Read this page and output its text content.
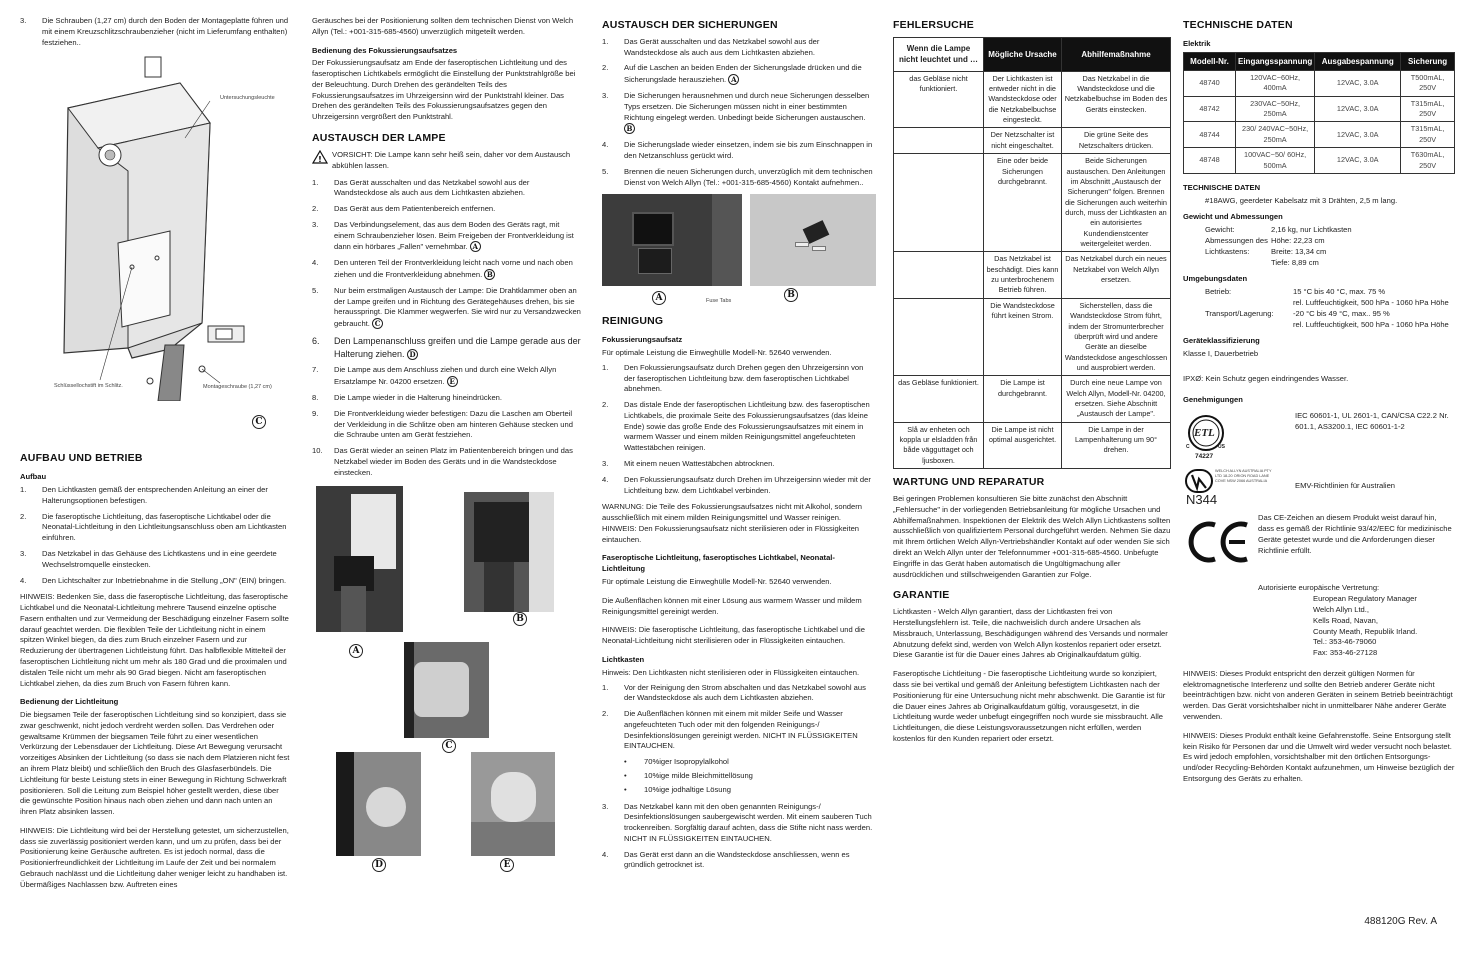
3.	Die Schrauben (1,27 cm) durch den Boden der Montageplatte führen und mit einem Kreuzschlitzschraubenzieher (nicht im Lieferumfang enthalten) festziehen..
Untersuchungsleuchte
Schlüssellochstift im Schlitz.	Montageschraube (1,27 cm)
C
AUFBAU UND BETRIEB
Aufbau
1.	Den Lichtkasten gemäß der entsprechenden Anleitung an einer der Halterungsoptionen befestigen.
2.	Die faseroptische Lichtleitung, das faseroptische Lichtkabel oder die Neonatal-Lichtleitung in den Lichtleitungsanschluss oben am Lichtkasten einführen.
3.	Das Netzkabel in das Gehäuse des Lichtkastens und in eine geerdete Wechselstromquelle einstecken.
4.	Den Lichtschalter zur Inbetriebnahme in die Stellung „ON" (EIN) bringen.

HINWEIS: Bedenken Sie, dass die faseroptische Lichtleitung, das faseroptische Lichtkabel und die Neonatal-Lichtleitung mehrere Tausend einzelne optische Fasern enthalten und zur Vermeidung der Beschädigung einzelner Fasern sollte darauf geachtet werden. Die flexiblen Teile der Lichtleitung nicht in einem spitzen Winkel biegen, da dies zum Bruch einzelner Fasern und zur Reduzierung der übertragenen Lichtleistung führt. Das halbflexible Mittelteil der faseroptischen Lichtleitung nicht um mehr als 180 Grad und die proximalen und distalen Teile nicht um mehr als 90 Grad biegen. Nicht am faseroptischen Lichtkabel ziehen, da dies zum Bruch von Fasern führen kann.

Bedienung der Lichtleitung

Die biegsamen Teile der faseroptischen Lichtleitung sind so konzipiert, dass sie zwar geschwenkt, nicht jedoch verdreht werden sollen. Das Verdrehen oder gewaltsame Krümmen der biegsamen Teile führt zu einer wesentlichen Verkürzung der Lebensdauer der Lichtleitung. Diese Art Bewegung verursacht vorzeitiges Absinken der Lichtleitung (so dass sie nach dem Platzieren nicht fest an ihrem Platz bleibt) und schließlich den Bruch des Glasfaserbündels. Die Lichtleitung für beste Leistung stets in einer Bewegung in Richtung Schwerkraft positionieren. Soll die Leitung zum Beispiel höher gestellt werden, diese über die gewünschte Position hinaus nach oben ziehen und dann nach unten an ihren Platz absinken lassen.

HINWEIS: Die Lichtleitung wird bei der Herstellung getestet, um sicherzustellen, dass sie zuverlässig positioniert werden kann, und um zu prüfen, dass bei der Positionierung keine Geräusche auftreten. Es ist jedoch normal, dass die Positionierfreundlichkeit der Lichtleitung im Laufe der Zeit und bei normalem Gebrauch nachlässt und die Lichtleitung daher weniger leicht zu handhaben ist. Übermäßiges Nachlassen bzw. Auftreten eines

Geräusches bei der Positionierung sollten dem technischen Dienst von Welch Allyn (Tel.: +001-315-685-4560) unverzüglich mitgeteilt werden.

Bedienung des Fokussierungsaufsatzes

Der Fokussierungsaufsatz am Ende der faseroptischen Lichtleitung und des faseroptischen Lichtkabels ermöglicht die Einstellung der Punktstrahlgröße bei der Beleuchtung. Durch Drehen des gerändelten Teils des Fokussierungsaufsatzes im Uhrzeigersinn wird der Punktstrahl kleiner. Das Drehen des gerändelten Teils des Fokussierungsaufsatzes gegen den Uhrzeigersinn vergrößert den Punktstrahl.

AUSTAUSCH DER LAMPE
!
VORSICHT: Die Lampe kann sehr heiß sein, daher vor dem Austausch abkühlen lassen.
1.	Das Gerät ausschalten und das Netzkabel sowohl aus der Wandsteckdose als auch aus dem Lichtkasten abziehen.
2.	Das Gerät aus dem Patientenbereich entfernen.
3.	Das Verbindungselement, das aus dem Boden des Geräts ragt, mit einem Schraubenzieher lösen. Beim Freigeben der Frontverkleidung ist dann ein hörbares „Fallen" vernehmbar. A
4.	Den unteren Teil der Frontverkleidung leicht nach vorne und nach oben ziehen und die Frontverkleidung abnehmen. B
5.	Nur beim erstmaligen Austausch der Lampe: Die Drahtklammer oben an der Lampe greifen und in Richtung des Gerätegehäuses drehen, bis sie herausspringt. Die Klammer wegwerfen. Sie wird nur zu Versandzwecken gebraucht. C
6.	Den Lampenanschluss greifen und die Lampe gerade aus der Halterung ziehen. D
7.	Die Lampe aus dem Anschluss ziehen und durch eine Welch Allyn Ersatzlampe Nr. 04200 ersetzen. E
8.	Die Lampe wieder in die Halterung hineindrücken.
9.	Die Frontverkleidung wieder befestigen: Dazu die Laschen am Oberteil der Verkleidung in die Schlitze oben am hinteren Gehäuse stecken und die Schraube unten am Gerät festziehen.
10.	Das Gerät wieder an seinen Platz im Patientenbereich bringen und das Netzkabel wieder im Boden des Geräts und in die Wandsteckdose einstecken.
B
A
C
D	E
AUSTAUSCH DER SICHERUNGEN
1.	Das Gerät ausschalten und das Netzkabel sowohl aus der Wandsteckdose als auch aus dem Lichtkasten abziehen.
2.	Auf die Laschen an beiden Enden der Sicherungslade drücken und die Sicherungslade herausziehen. A
3.	Die Sicherungen herausnehmen und durch neue Sicherungen desselben Typs ersetzen. Die Sicherungen müssen nicht in einer bestimmten Richtung eingelegt werden. Unbedingt beide Sicherungen austauschen. B
4.	Die Sicherungslade wieder einsetzen, indem sie bis zum Einschnappen in den Netzanschluss gerückt wird.
5.	Brennen die neuen Sicherungen durch, unverzüglich mit dem technischen Dienst von Welch Allyn (Tel.: +001-315-685-4560) Kontakt aufnehmen..
A	Fuse Tabs
B
REINIGUNG
Fokussierungsaufsatz

Für optimale Leistung die Einweghülle Modell-Nr. 52640 verwenden.

1.	Den Fokussierungsaufsatz durch Drehen gegen den Uhrzeigersinn von der faseroptischen Lichtleitung bzw. dem faseroptischen Lichtkabel abnehmen.
2.	Das distale Ende der faseroptischen Lichtleitung bzw. des faseroptischen Lichtkabels, die proximale Seite des Fokussierungsaufsatzes (das kleine Ende) sowie das große Ende des Fokussierungsaufsatzes mit einem in warmem Wasser und einem milden Reinigungsmittel angefeuchteten Wattestäbchen reinigen.
3.	Mit einem neuen Wattestäbchen abtrocknen.
4.	Den Fokussierungsaufsatz durch Drehen im Uhrzeigersinn wieder mit der Lichtleitung bzw. dem Lichtkabel verbinden.

WARNUNG: Die Teile des Fokussierungsaufsatzes nicht mit Alkohol, sondern ausschließlich mit einem milden Reinigungsmittel und Wasser reinigen. HINWEIS: Den Fokussierungsaufsatz nicht sterilisieren oder in Flüssigkeiten eintauchen.

Faseroptische Lichtleitung, faseroptisches Lichtkabel, Neonatal-Lichtleitung

Für optimale Leistung die Einweghülle Modell-Nr. 52640 verwenden.

Die Außenflächen können mit einer Lösung aus warmem Wasser und mildem Reinigungsmittel gereinigt werden.

HINWEIS: Die faseroptische Lichtleitung, das faseroptische Lichtkabel und die Neonatal-Lichtleitung nicht sterilisieren oder in Flüssigkeiten eintauchen.

Lichtkasten

Hinweis: Den Lichtkasten nicht sterilisieren oder in Flüssigkeiten eintauchen.

1.	Vor der Reinigung den Strom abschalten und das Netzkabel sowohl aus der Wandsteckdose als auch dem Lichtkasten abziehen.
2.	Die Außenflächen können mit einem mit milder Seife und Wasser angefeuchteten Tuch oder mit den folgenden Reinigungs-/ Desinfektionslösungen gereinigt werden. NICHT IN FLÜSSIGKEITEN EINTAUCHEN.
•	70%iger Isopropylalkohol
•	10%ige milde Bleichmittellösung
•	10%ige jodhaltige Lösung
3.	Das Netzkabel kann mit den oben genannten Reinigungs-/ Desinfektionslösungen saubergewischt werden. Mit einem sauberen Tuch trockenreiben. Sorgfältig darauf achten, dass die Stifte nicht nass werden. NICHT IN FLÜSSIGKEITEN EINTAUCHEN.
4.	Das Gerät erst dann an die Wandsteckdose anschliessen, wenn es gründlich getrocknet ist.
FEHLERSUCHE
Wenn die Lampe nicht leuchtet und …	Mögliche Ursache	Abhilfemaßnahme
das Gebläse nicht funktioniert.	Der Lichtkasten ist entweder nicht in die Wandsteckdose oder die Netzkabelbuchse eingesteckt.	Das Netzkabel in die Wandsteckdose und die Netzkabelbuchse im Boden des Geräts einstecken.
	Der Netzschalter ist nicht eingeschaltet.	Die grüne Seite des Netzschalters drücken.
	Eine oder beide Sicherungen durchgebrannt.	Beide Sicherungen austauschen. Den Anleitungen im Abschnitt „Austausch der Sicherungen" folgen. Brennen die Sicherungen auch weiterhin durch, muss der Lichtkasten an ein autorisiertes Kundendienstcenter weitergeleitet werden.
	Das Netzkabel ist beschädigt. Dies kann zu unterbrochenem Betrieb führen.	Das Netzkabel durch ein neues Netzkabel von Welch Allyn ersetzen.
	Die Wandsteckdose führt keinen Strom.	Sicherstellen, dass die Wandsteckdose Strom führt, indem der Stromunterbrecher überprüft wird und andere Geräte an dieselbe Wandsteckdose angeschlossen und ausprobiert werden.
das Gebläse funktioniert.	Die Lampe ist durchgebrannt.	Durch eine neue Lampe von Welch Allyn, Modell-Nr. 04200, ersetzen. Siehe Abschnitt „Austausch der Lampe".
Slå av enheten och koppla ur elsladden från både vägguttaget och ljusboxen.	Die Lampe ist nicht optimal ausgerichtet.	Die Lampe in der Lampenhalterung um 90° drehen.
WARTUNG UND REPARATUR

Bei geringen Problemen konsultieren Sie bitte zunächst den Abschnitt „Fehlersuche" in der vorliegenden Betriebsanleitung für mögliche Ursachen und Abhilfemaßnahmen. Inspektionen der Elektrik des Welch Allyn Lichtkastens sollten ausschließlich von qualifiziertem Personal durchgeführt werden. Nehmen Sie dazu mit Ihrem örtlichen Welch Allyn-Vertriebshändler Kontakt auf oder wenden Sie sich direkt an Welch Allyn unter der Telefonnummer +001-315-685-4560. Unbefugte Eingriffe in das Gerät haben automatisch die Ungültigmachung aller ausdrücklichen und stillschweigenden Garantien zur Folge.

GARANTIE

Lichtkasten - Welch Allyn garantiert, dass der Lichtkasten frei von Herstellungsfehlern ist. Teile, die nachweislich durch andere Ursachen als Missbrauch, Unterlassung, Beschädigungen während des Versands und normaler Abnutzung defekt sind, werden von Welch Allyn kostenlos repariert oder ersetzt. Diese Garantie ist für die Dauer eines Jahres ab Originalkaufdatum gültig.

Faseroptische Lichtleitung - Die faseroptische Lichtleitung wurde so konzipiert, dass sie bei vertikal und gemäß der Anleitung befestigtem Lichtkasten nach der Positionierung für eine Untersuchung nicht mehr abschwenkt. Die Garantie ist für die Dauer eines Jahres ab Originalkaufdatum gültig, vorausgesetzt, in die Lichtleitung wurde weder unbefugt eingegriffen noch wurde sie missbraucht. Alle Lichtleitungen, die diese Leistungsvoraussetzungen nicht erfüllen, werden kostenlos für den Kunden repariert oder ersetzt.

TECHNISCHE DATEN
Elektrik
Modell-Nr.	Eingangsspannung	Ausgabespannung	Sicherung
48740	120VAC~60Hz, 400mA	12VAC, 3.0A	T500mAL, 250V
48742	230VAC~50Hz, 250mA	12VAC, 3.0A	T315mAL, 250V
48744	230/ 240VAC~50Hz, 250mA	12VAC, 3.0A	T315mAL, 250V
48748	100VAC~50/ 60Hz, 500mA	12VAC, 3.0A	T630mAL, 250V
TECHNISCHE DATEN

#18AWG, geerdeter Kabelsatz mit 3 Drähten, 2,5 m lang.

Gewicht und Abmessungen
Gewicht:	2,16 kg, nur Lichtkasten
Abmessungen des Höhe: 22,23 cm
Lichtkastens:	Breite: 13,34 cm
Tiefe: 8,89 cm
Umgebungsdaten
Betrieb:	15 °C bis 40 °C, max. 75 %
rel. Luftfeuchtigkeit, 500 hPa - 1060 hPa Höhe
Transport/Lagerung:	-20 °C bis 49 °C, max.. 95 %
rel. Luftfeuchtigkeit, 500 hPa - 1060 hPa Höhe
Geräteklassifizierung

Klasse I, Dauerbetrieb

IPXØ: Kein Schutz gegen eindringendes Wasser.

Genehmigungen
ETL
C	US
74227
IEC 60601-1, UL 2601-1, CAN/CSA C22.2 Nr. 601.1, AS3200.1, IEC 60601-1-2
WELCH ALLYN AUSTRALIA PTY LTD 18-20 ORION ROAD LANE COVE NSW 2066 AUSTRALIA
N344
EMV-Richtlinien für Australien
Das CE-Zeichen an diesem Produkt weist darauf hin, dass es gemäß der Richtlinie 93/42/EEC für medizinische Geräte getestet wurde und die Anforderungen dieser Richtlinie erfüllt.
Autorisierte europäische Vertretung:
European Regulatory Manager
Welch Allyn Ltd.,
Kells Road, Navan,
County Meath, Republik Irland.
Tel.: 353-46-79060
Fax: 353-46-27128

HINWEIS: Dieses Produkt entspricht den derzeit gültigen Normen für elektromagnetische Interferenz und sollte den Betrieb anderer Geräte nicht beeinträchtigen bzw. nicht von anderen Geräten in seinem Betrieb beeinträchtigt werden. Das Gerät vorsichtshalber nicht in unmittelbarer Nähe anderer Geräte verwenden.

HINWEIS: Dieses Produkt enthält keine Gefahrenstoffe. Seine Entsorgung stellt kein Risiko für Personen dar und die Umwelt wird weder versucht noch belastet. Es wird jedoch empfohlen, vorsichtshalber mit den örtlichen Entsorgungs- und/oder Recycling-Behörden Kontakt aufzunehmen, um Hinweise bezüglich der Entsorgung des Geräts zu erhalten.

488120G Rev. A
